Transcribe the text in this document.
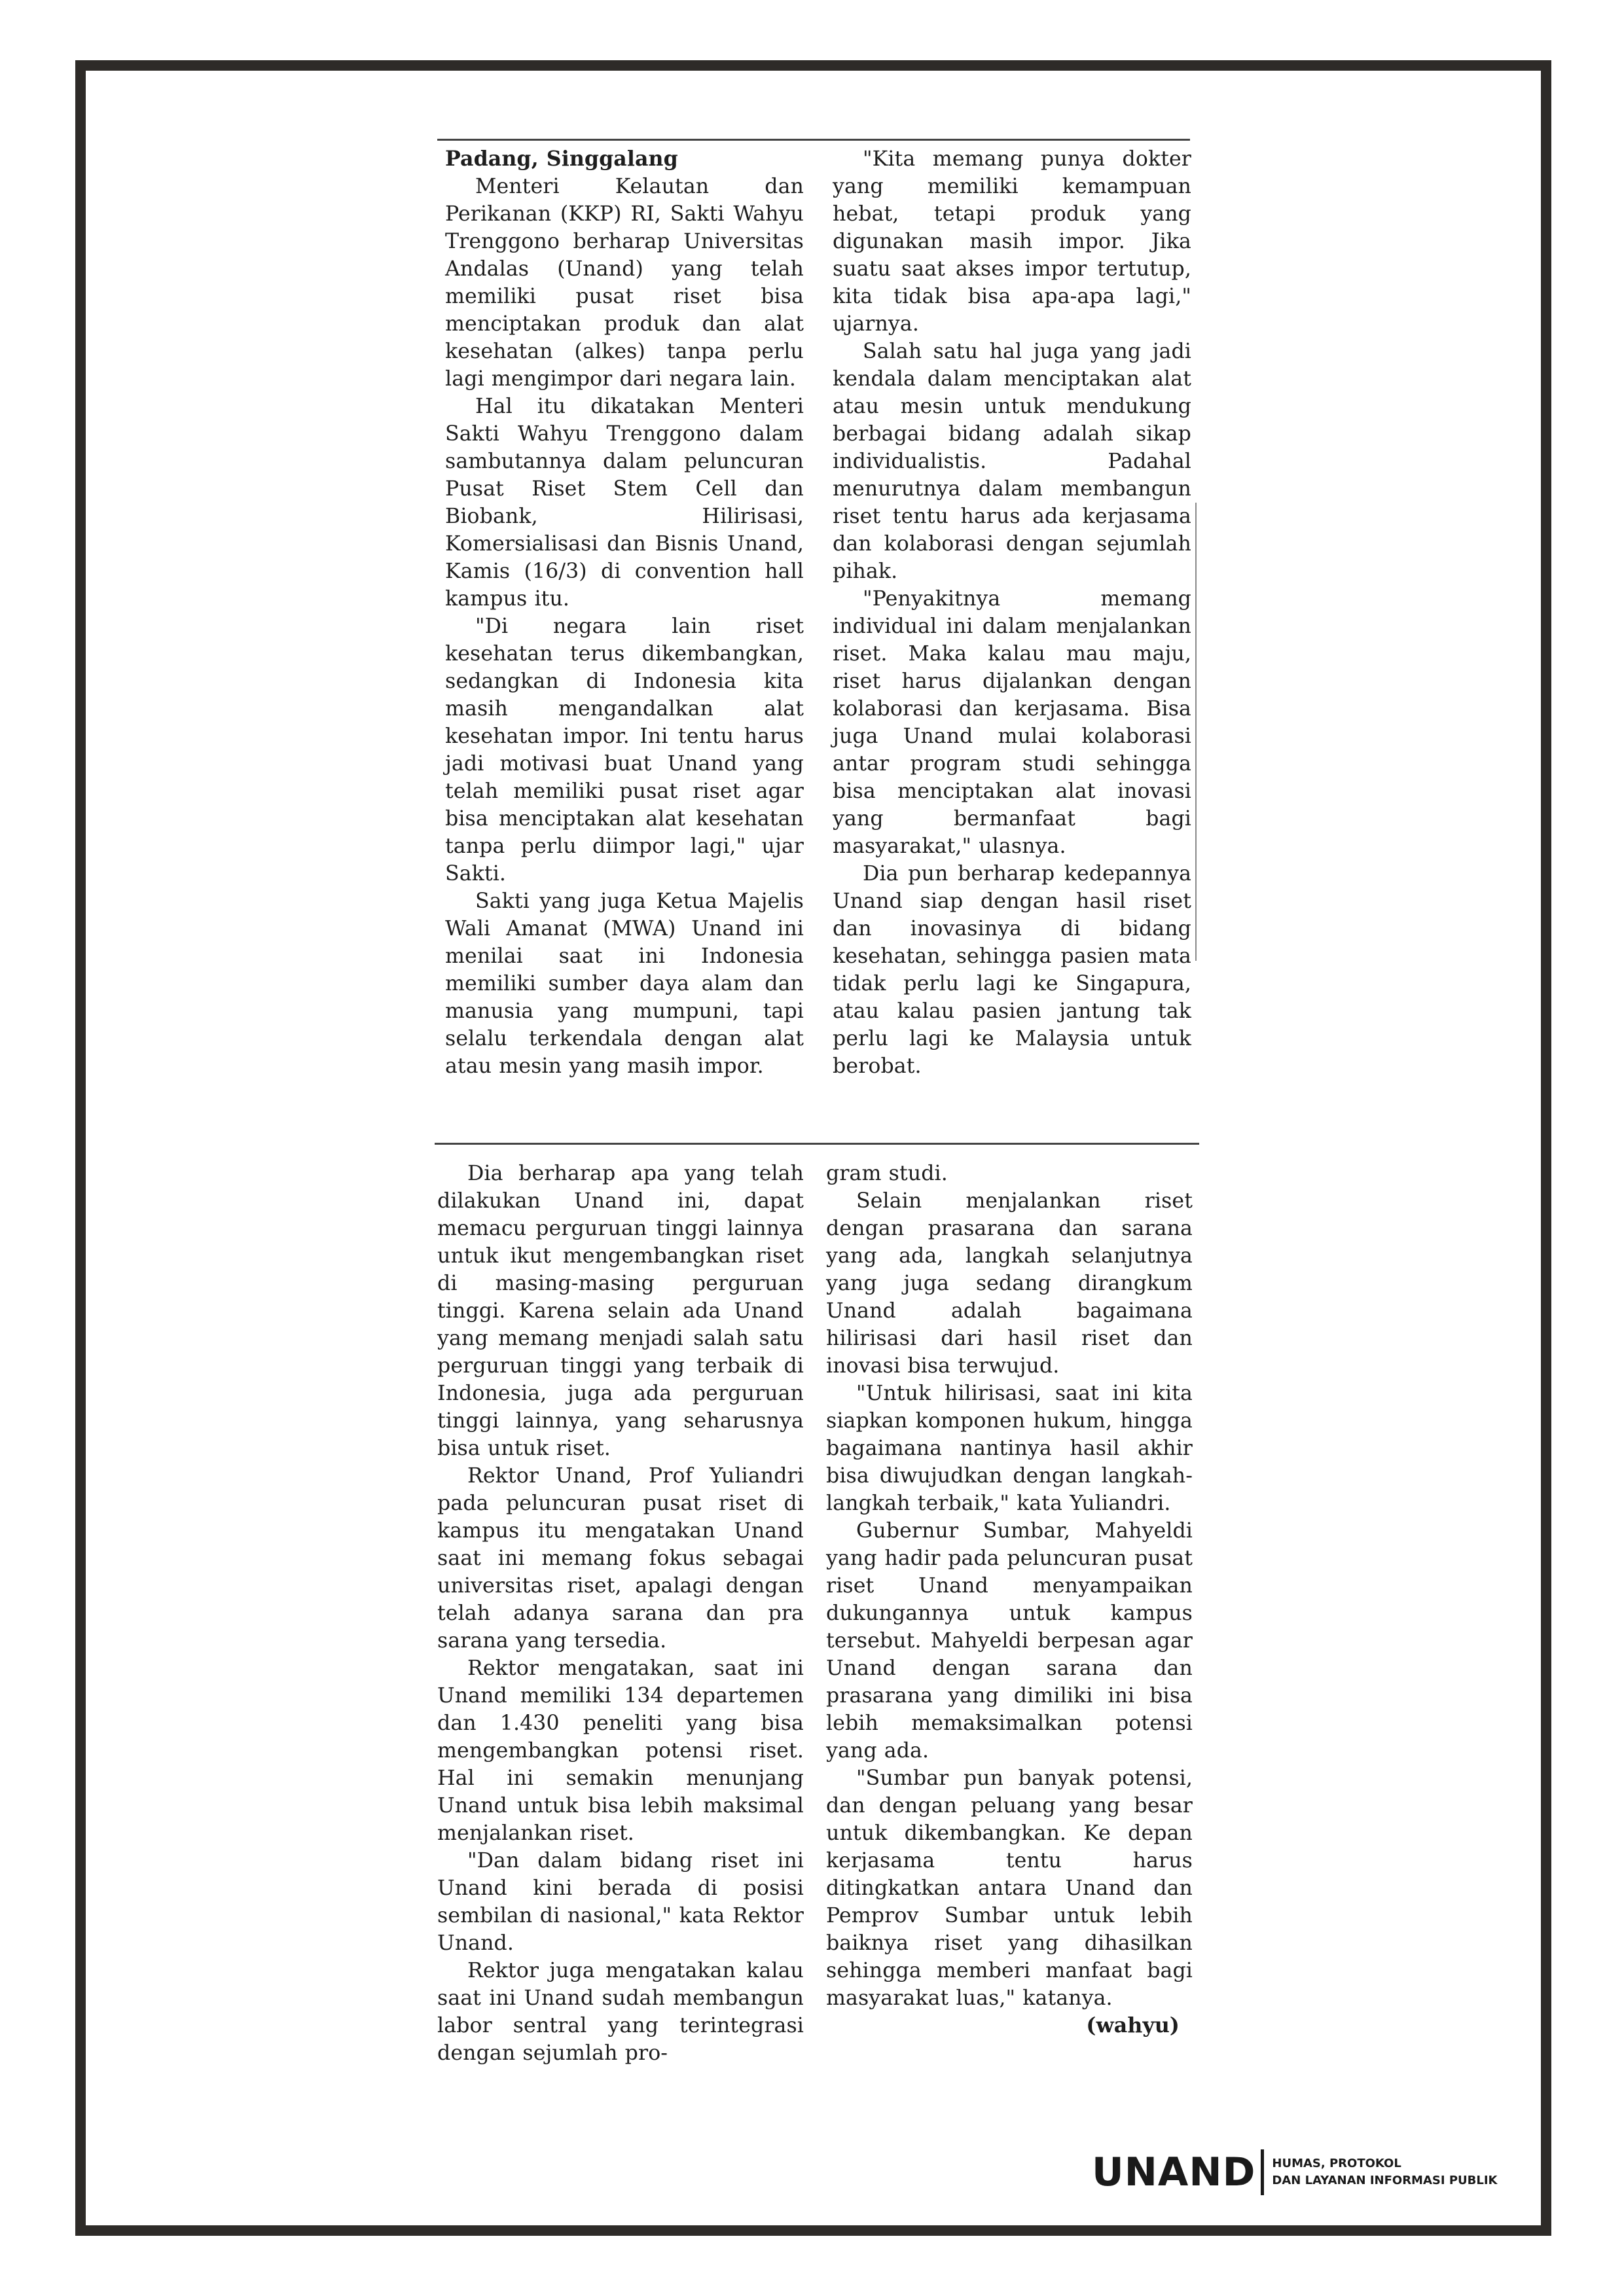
Padang, Singgalang

Menteri Kelautan dan Perikanan (KKP) RI, Sakti Wahyu Trenggono berharap Universitas Andalas (Unand) yang telah memiliki pusat riset bisa menciptakan produk dan alat kesehatan (alkes) tanpa perlu lagi mengimpor dari negara lain.

Hal itu dikatakan Menteri Sakti Wahyu Trenggono dalam sambutannya dalam peluncuran Pusat Riset Stem Cell dan Biobank, Hilirisasi, Komersialisasi dan Bisnis Unand, Kamis (16/3) di convention hall kampus itu.

"Di negara lain riset kesehatan terus dikembangkan, sedangkan di Indonesia kita masih mengandalkan alat kesehatan impor. Ini tentu harus jadi motivasi buat Unand yang telah memiliki pusat riset agar bisa menciptakan alat kesehatan tanpa perlu diimpor lagi," ujar Sakti.

Sakti yang juga Ketua Majelis Wali Amanat (MWA) Unand ini menilai saat ini Indonesia memiliki sumber daya alam dan manusia yang mumpuni, tapi selalu terkendala dengan alat atau mesin yang masih impor.

"Kita memang punya dokter yang memiliki kemampuan hebat, tetapi produk yang digunakan masih impor. Jika suatu saat akses impor tertutup, kita tidak bisa apa-apa lagi," ujarnya.

Salah satu hal juga yang jadi kendala dalam menciptakan alat atau mesin untuk mendukung berbagai bidang adalah sikap individualistis. Padahal menurutnya dalam membangun riset tentu harus ada kerjasama dan kolaborasi dengan sejumlah pihak.

"Penyakitnya memang individual ini dalam menjalankan riset. Maka kalau mau maju, riset harus dijalankan dengan kolaborasi dan kerjasama. Bisa juga Unand mulai kolaborasi antar program studi sehingga bisa menciptakan alat inovasi yang bermanfaat bagi masyarakat," ulasnya.

Dia pun berharap kedepannya Unand siap dengan hasil riset dan inovasinya di bidang kesehatan, sehingga pasien mata tidak perlu lagi ke Singapura, atau kalau pasien jantung tak perlu lagi ke Malaysia untuk berobat.

Dia berharap apa yang telah dilakukan Unand ini, dapat memacu perguruan tinggi lainnya untuk ikut mengembangkan riset di masing-masing perguruan tinggi. Karena selain ada Unand yang memang menjadi salah satu perguruan tinggi yang terbaik di Indonesia, juga ada perguruan tinggi lainnya, yang seharusnya bisa untuk riset.

Rektor Unand, Prof Yuliandri pada peluncuran pusat riset di kampus itu mengatakan Unand saat ini memang fokus sebagai universitas riset, apalagi dengan telah adanya sarana dan pra sarana yang tersedia.

Rektor mengatakan, saat ini Unand memiliki 134 departemen dan 1.430 peneliti yang bisa mengembangkan potensi riset. Hal ini semakin menunjang Unand untuk bisa lebih maksimal menjalankan riset.

"Dan dalam bidang riset ini Unand kini berada di posisi sembilan di nasional," kata Rektor Unand.

Rektor juga mengatakan kalau saat ini Unand sudah membangun labor sentral yang terintegrasi dengan sejumlah pro-

gram studi.

Selain menjalankan riset dengan prasarana dan sarana yang ada, langkah selanjutnya yang juga sedang dirangkum Unand adalah bagaimana hilirisasi dari hasil riset dan inovasi bisa terwujud.

"Untuk hilirisasi, saat ini kita siapkan komponen hukum, hingga bagaimana nantinya hasil akhir bisa diwujudkan dengan langkah-langkah terbaik," kata Yuliandri.

Gubernur Sumbar, Mahyeldi yang hadir pada peluncuran pusat riset Unand menyampaikan dukungannya untuk kampus tersebut. Mahyeldi berpesan agar Unand dengan sarana dan prasarana yang dimiliki ini bisa lebih memaksimalkan potensi yang ada.

"Sumbar pun banyak potensi, dan dengan peluang yang besar untuk dikembangkan. Ke depan kerjasama tentu harus ditingkatkan antara Unand dan Pemprov Sumbar untuk lebih baiknya riset yang dihasilkan sehingga memberi manfaat bagi masyarakat luas," katanya.

(wahyu)

UNAND HUMAS, PROTOKOL
DAN LAYANAN INFORMASI PUBLIK
